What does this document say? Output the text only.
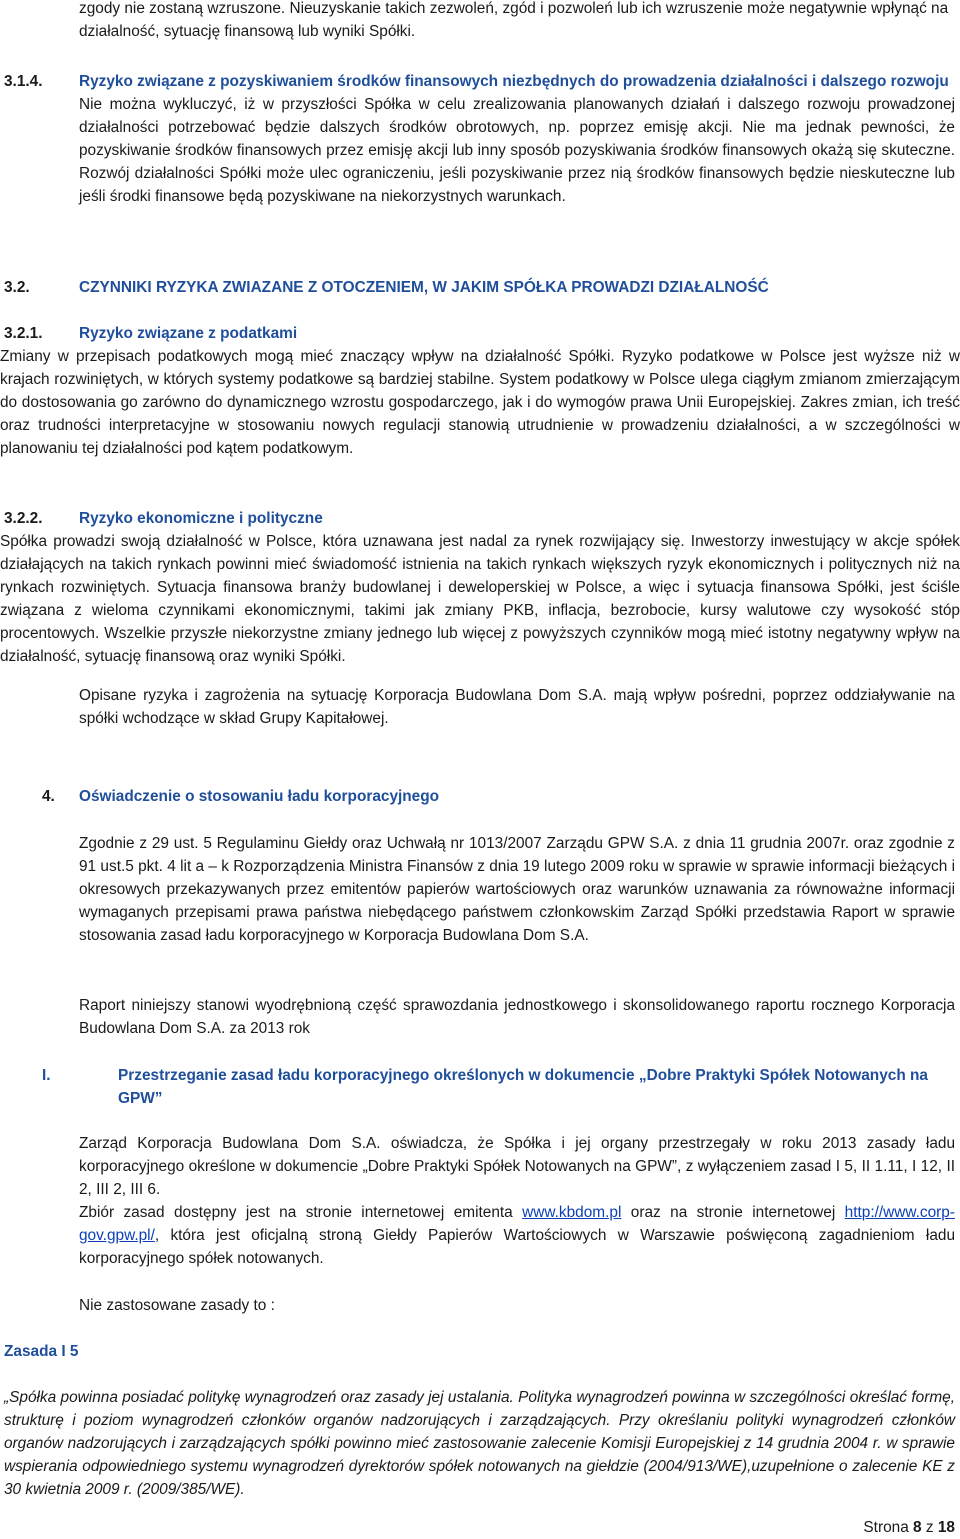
zgody nie zostaną wzruszone. Nieuzyskanie takich zezwoleń, zgód i pozwoleń lub ich wzruszenie może negatywnie wpłynąć na działalność, sytuację finansową lub wyniki Spółki.

3.1.4. Ryzyko związane z pozyskiwaniem środków finansowych niezbędnych do prowadzenia działalności i dalszego rozwoju

Nie można wykluczyć, iż w przyszłości Spółka w celu zrealizowania planowanych działań i dalszego rozwoju prowadzonej działalności potrzebować będzie dalszych środków obrotowych, np. poprzez emisję akcji. Nie ma jednak pewności, że pozyskiwanie środków finansowych przez emisję akcji lub inny sposób pozyskiwania środków finansowych okażą się skuteczne. Rozwój działalności Spółki może ulec ograniczeniu, jeśli pozyskiwanie przez nią środków finansowych będzie nieskuteczne lub jeśli środki finansowe będą pozyskiwane na niekorzystnych warunkach.

3.2.	CZYNNIKI RYZYKA ZWIAZANE Z OTOCZENIEM, W JAKIM SPÓŁKA PROWADZI DZIAŁALNOŚĆ
3.2.1. Ryzyko związane z podatkami

Zmiany w przepisach podatkowych mogą mieć znaczący wpływ na działalność Spółki. Ryzyko podatkowe w Polsce jest wyższe niż w krajach rozwiniętych, w których systemy podatkowe są bardziej stabilne. System podatkowy w Polsce ulega ciągłym zmianom zmierzającym do dostosowania go zarówno do dynamicznego wzrostu gospodarczego, jak i do wymogów prawa Unii Europejskiej. Zakres zmian, ich treść oraz trudności interpretacyjne w stosowaniu nowych regulacji stanowią utrudnienie w prowadzeniu działalności, a w szczególności w planowaniu tej działalności pod kątem podatkowym.

3.2.2. Ryzyko ekonomiczne i polityczne

Spółka prowadzi swoją działalność w Polsce, która uznawana jest nadal za rynek rozwijający się. Inwestorzy inwestujący w akcje spółek działających na takich rynkach powinni mieć świadomość istnienia na takich rynkach większych ryzyk ekonomicznych i politycznych niż na rynkach rozwiniętych. Sytuacja finansowa branży budowlanej i deweloperskiej w Polsce, a więc i sytuacja finansowa Spółki, jest ściśle związana z wieloma czynnikami ekonomicznymi, takimi jak zmiany PKB, inflacja, bezrobocie, kursy walutowe czy wysokość stóp procentowych. Wszelkie przyszłe niekorzystne zmiany jednego lub więcej z powyższych czynników mogą mieć istotny negatywny wpływ na działalność, sytuację finansową oraz wyniki Spółki.

Opisane ryzyka i zagrożenia na sytuację Korporacja Budowlana Dom S.A. mają wpływ pośredni, poprzez oddziaływanie na spółki wchodzące w skład Grupy Kapitałowej.

4. Oświadczenie o stosowaniu ładu korporacyjnego

Zgodnie z 29 ust. 5 Regulaminu Giełdy oraz Uchwałą nr 1013/2007 Zarządu GPW S.A. z dnia 11 grudnia 2007r. oraz zgodnie z 91 ust.5 pkt. 4 lit a – k Rozporządzenia Ministra Finansów z dnia 19 lutego 2009 roku w sprawie w sprawie informacji bieżących i okresowych przekazywanych przez emitentów papierów wartościowych oraz warunków uznawania za równoważne informacji wymaganych przepisami prawa państwa niebędącego państwem członkowskim Zarząd Spółki przedstawia Raport w sprawie stosowania zasad ładu korporacyjnego w Korporacja Budowlana Dom S.A.

Raport niniejszy stanowi wyodrębnioną część sprawozdania jednostkowego i skonsolidowanego raportu rocznego Korporacja Budowlana Dom S.A. za 2013 rok

I.	Przestrzeganie zasad ładu korporacyjnego określonych w dokumencie „Dobre Praktyki Spółek Notowanych na GPW”

Zarząd Korporacja Budowlana Dom S.A. oświadcza, że Spółka i jej organy przestrzegały w roku 2013 zasady ładu korporacyjnego określone w dokumencie „Dobre Praktyki Spółek Notowanych na GPW”, z wyłączeniem zasad I 5, II 1.11, I 12, II 2, III 2, III 6.

Zbiór zasad dostępny jest na stronie internetowej emitenta www.kbdom.pl oraz na stronie internetowej http://www.corp-gov.gpw.pl/, która jest oficjalną stroną Giełdy Papierów Wartościowych w Warszawie poświęconą zagadnieniom ładu korporacyjnego spółek notowanych.

Nie zastosowane zasady to :

Zasada I 5

„Spółka powinna posiadać politykę wynagrodzeń oraz zasady jej ustalania. Polityka wynagrodzeń powinna w szczególności określać formę, strukturę i poziom wynagrodzeń członków organów nadzorujących i zarządzających. Przy określaniu polityki wynagrodzeń członków organów nadzorujących i zarządzających spółki powinno mieć zastosowanie zalecenie Komisji Europejskiej z 14 grudnia 2004 r. w sprawie wspierania odpowiedniego systemu wynagrodzeń dyrektorów spółek notowanych na giełdzie (2004/913/WE),uzupełnione o zalecenie KE z 30 kwietnia 2009 r. (2009/385/WE).

Strona 8 z 18
